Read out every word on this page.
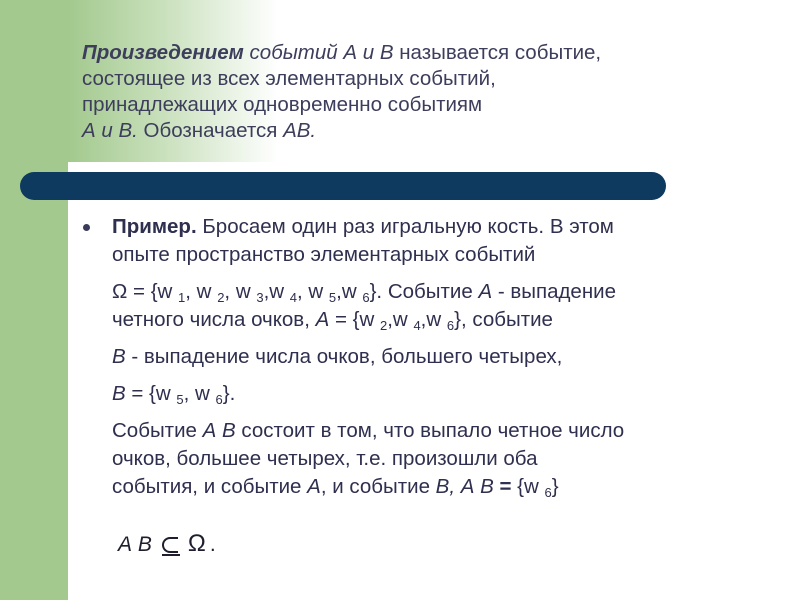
Произведением событий А и В называется событие,
состоящее из всех элементарных событий,
принадлежащих одновременно событиям
А и В. Обозначается АВ.
Пример. Бросаем один раз игральную кость. В этом
опыте пространство элементарных событий
Ω = {w $_1$, w $_2$, w $_3$,w $_4$, w $_5$,w $_6$}. Событие А - выпадение
четного числа очков, А = {w $_2$,w $_4$,w $_6$}, событие
В - выпадение числа очков, большего четырех,
В = {w $_5$, w $_6$}.
Событие А В состоит в том, что выпало четное число
очков, большее четырех, т.е. произошли оба
события, и событие А, и событие В, А В = {w $_6$}
А В Ω .
